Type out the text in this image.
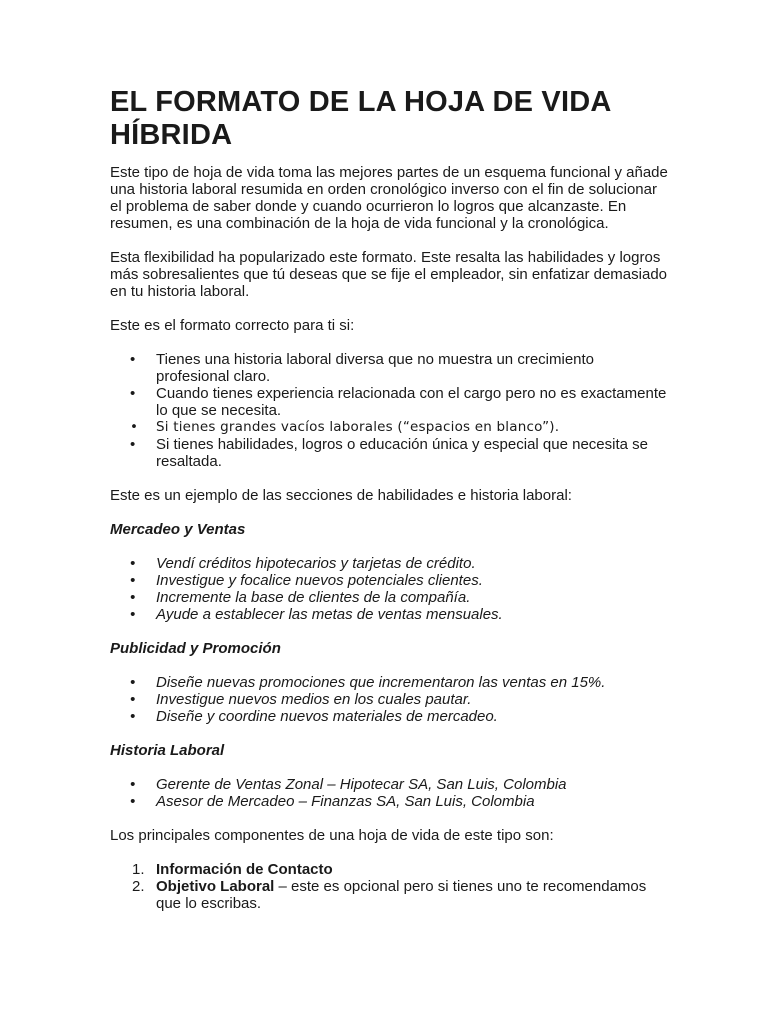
EL FORMATO DE LA HOJA DE VIDA HÍBRIDA

Este tipo de hoja de vida toma las mejores partes de un esquema funcional y añade una historia laboral resumida en orden cronológico inverso con el fin de solucionar el problema de saber donde y cuando ocurrieron lo logros que alcanzaste. En resumen, es una combinación de la hoja de vida funcional y la cronológica.

Esta flexibilidad ha popularizado este formato. Este resalta las habilidades y logros más sobresalientes que tú deseas que se fije el empleador, sin enfatizar demasiado en tu historia laboral.

Este es el formato correcto para ti si:

• Tienes una historia laboral diversa que no muestra un crecimiento profesional claro.
• Cuando tienes experiencia relacionada con el cargo pero no es exactamente lo que se necesita.
• Si tienes grandes vacíos laborales (“espacios en blanco”).
• Si tienes habilidades, logros o educación única y especial que necesita se resaltada.

Este es un ejemplo de las secciones de habilidades e historia laboral:

Mercadeo y Ventas
• Vendí créditos hipotecarios y tarjetas de crédito.
• Investigue y focalice nuevos potenciales clientes.
• Incremente la base de clientes de la compañía.
• Ayude a establecer las metas de ventas mensuales.
Publicidad y Promoción
• Diseñe nuevas promociones que incrementaron las ventas en 15%.
• Investigue nuevos medios en los cuales pautar.
• Diseñe y coordine nuevos materiales de mercadeo.
Historia Laboral
• Gerente de Ventas Zonal – Hipotecar SA, San Luis, Colombia
• Asesor de Mercadeo – Finanzas SA, San Luis, Colombia

Los principales componentes de una hoja de vida de este tipo son:

1. Información de Contacto
2. Objetivo Laboral – este es opcional pero si tienes uno te recomendamos que lo escribas.
